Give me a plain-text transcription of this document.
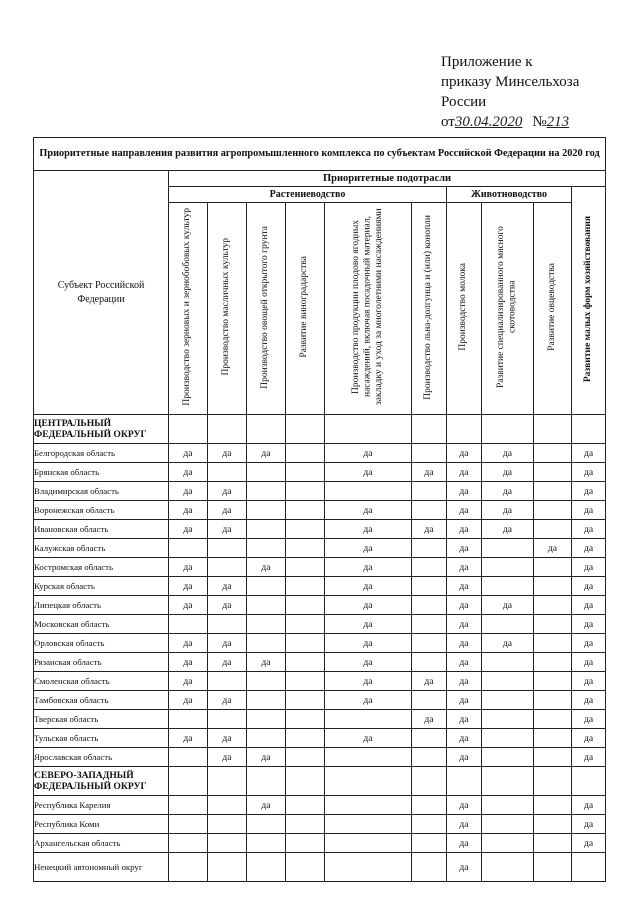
Приложение к
приказу Минсельхоза
России
от 30.04.2020 № 213
Приоритетные направления развития агропромышленного комплекса по субъектам Российской Федерации на 2020 год										
Субъект Российской Федерации	Приоритетные подотрасли									
	Растениеводство						Животноводство			Развитие малых форм хозяйствования
	Производство зерновых и зернобобовых культур	Производство масличных культур	Производство овощей открытого грунта	Развитие виноградарства	Производство продукции плодово ягодных насаждений, включая посадочный материал, закладку и уход за многолетними насаждениями	Производство льна-долгунца и (или) конопли	Производство молока	Развитие специализированного мясного скотоводства	Развитие овцеводства	
ЦЕНТРАЛЬНЫЙ ФЕДЕРАЛЬНЫЙ ОКРУГ										
Белгородская область	да	да	да		да		да	да		да
Брянская область	да				да	да	да	да		да
Владимирская область	да	да					да	да		да
Воронежская область	да	да			да		да	да		да
Ивановская область	да	да			да	да	да	да		да
Калужская область					да		да		да	да
Костромская область	да		да		да		да			да
Курская область	да	да			да		да			да
Липецкая область	да	да			да		да	да		да
Московская область					да		да			да
Орловская область	да	да			да		да	да		да
Рязанская область	да	да	да		да		да			да
Смоленская область	да				да	да	да			да
Тамбовская область	да	да			да		да			да
Тверская область						да	да			да
Тульская область	да	да			да		да			да
Ярославская область		да	да				да			да
СЕВЕРО-ЗАПАДНЫЙ ФЕДЕРАЛЬНЫЙ ОКРУГ										
Республика Карелия			да				да			да
Республика Коми							да			да
Архангельская область							да			да
Ненецкий автономный округ							да			
